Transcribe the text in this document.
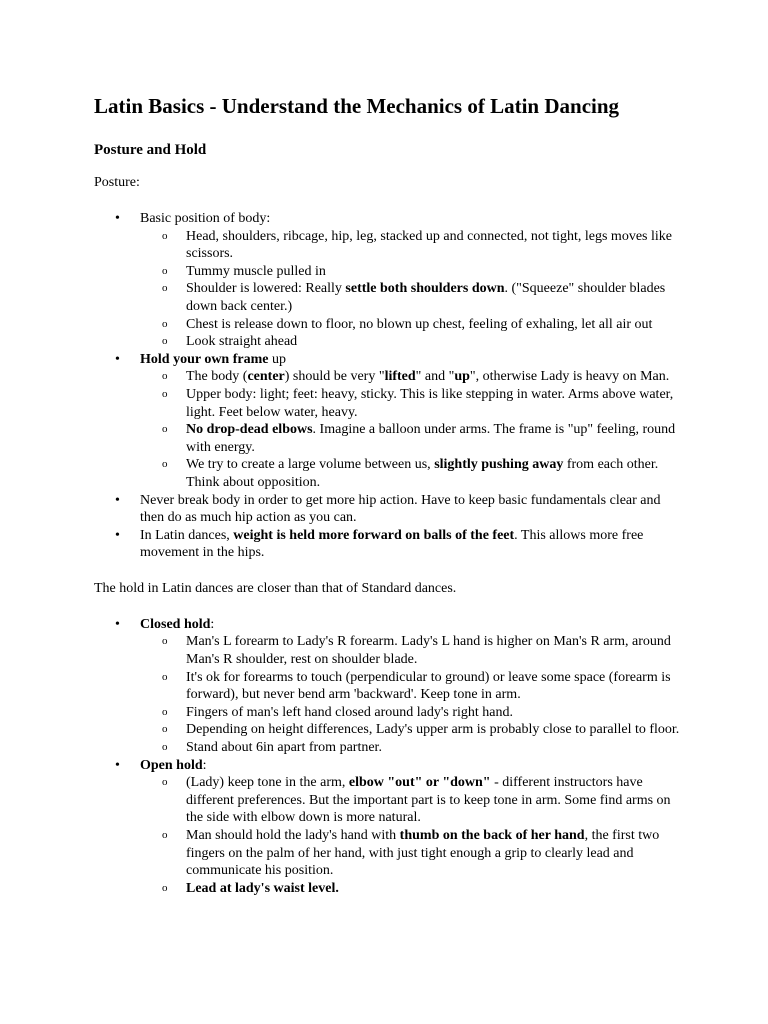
Latin Basics - Understand the Mechanics of Latin Dancing
Posture and Hold

Posture:

• Basic position of body:
o Head, shoulders, ribcage, hip, leg, stacked up and connected, not tight, legs moves like scissors.
o Tummy muscle pulled in
o Shoulder is lowered: Really settle both shoulders down. ("Squeeze" shoulder blades down back center.)
o Chest is release down to floor, no blown up chest, feeling of exhaling, let all air out
o Look straight ahead
• Hold your own frame up
o The body (center) should be very "lifted" and "up", otherwise Lady is heavy on Man.
o Upper body: light; feet: heavy, sticky. This is like stepping in water. Arms above water, light. Feet below water, heavy.
o No drop-dead elbows. Imagine a balloon under arms. The frame is "up" feeling, round with energy.
o We try to create a large volume between us, slightly pushing away from each other. Think about opposition.
• Never break body in order to get more hip action. Have to keep basic fundamentals clear and then do as much hip action as you can.
• In Latin dances, weight is held more forward on balls of the feet. This allows more free movement in the hips.

The hold in Latin dances are closer than that of Standard dances.

• Closed hold:
o Man's L forearm to Lady's R forearm. Lady's L hand is higher on Man's R arm, around Man's R shoulder, rest on shoulder blade.
o It's ok for forearms to touch (perpendicular to ground) or leave some space (forearm is forward), but never bend arm 'backward'. Keep tone in arm.
o Fingers of man's left hand closed around lady's right hand.
o Depending on height differences, Lady's upper arm is probably close to parallel to floor.
o Stand about 6in apart from partner.
• Open hold:
o (Lady) keep tone in the arm, elbow "out" or "down" - different instructors have different preferences. But the important part is to keep tone in arm. Some find arms on the side with elbow down is more natural.
o Man should hold the lady's hand with thumb on the back of her hand, the first two fingers on the palm of her hand, with just tight enough a grip to clearly lead and communicate his position.
o Lead at lady's waist level.
